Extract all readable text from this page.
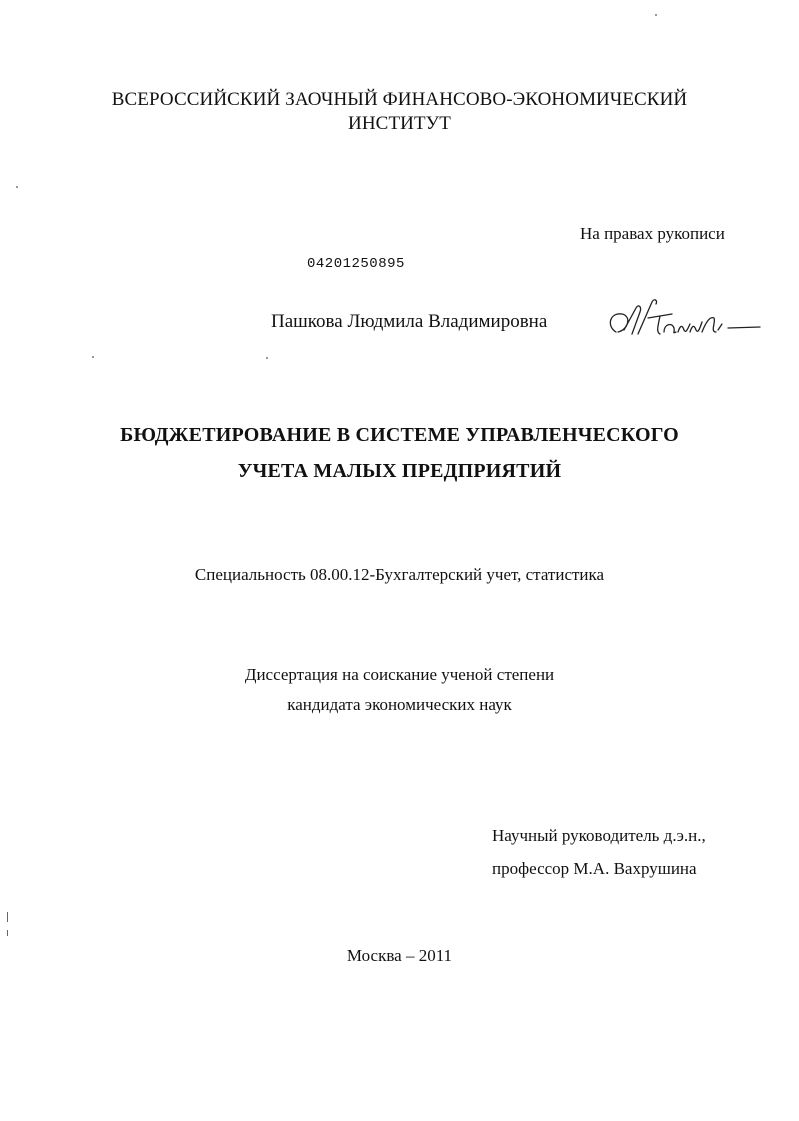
ВСЕРОССИЙСКИЙ ЗАОЧНЫЙ ФИНАНСОВО-ЭКОНОМИЧЕСКИЙ
ИНСТИТУТ
На правах рукописи
04201250895
Пашкова Людмила Владимировна
БЮДЖЕТИРОВАНИЕ В СИСТЕМЕ УПРАВЛЕНЧЕСКОГО
УЧЕТА МАЛЫХ ПРЕДПРИЯТИЙ
Специальность 08.00.12-Бухгалтерский учет, статистика
Диссертация на соискание ученой степени
кандидата экономических наук
Научный руководитель д.э.н.,
профессор М.А. Вахрушина
Москва – 2011
